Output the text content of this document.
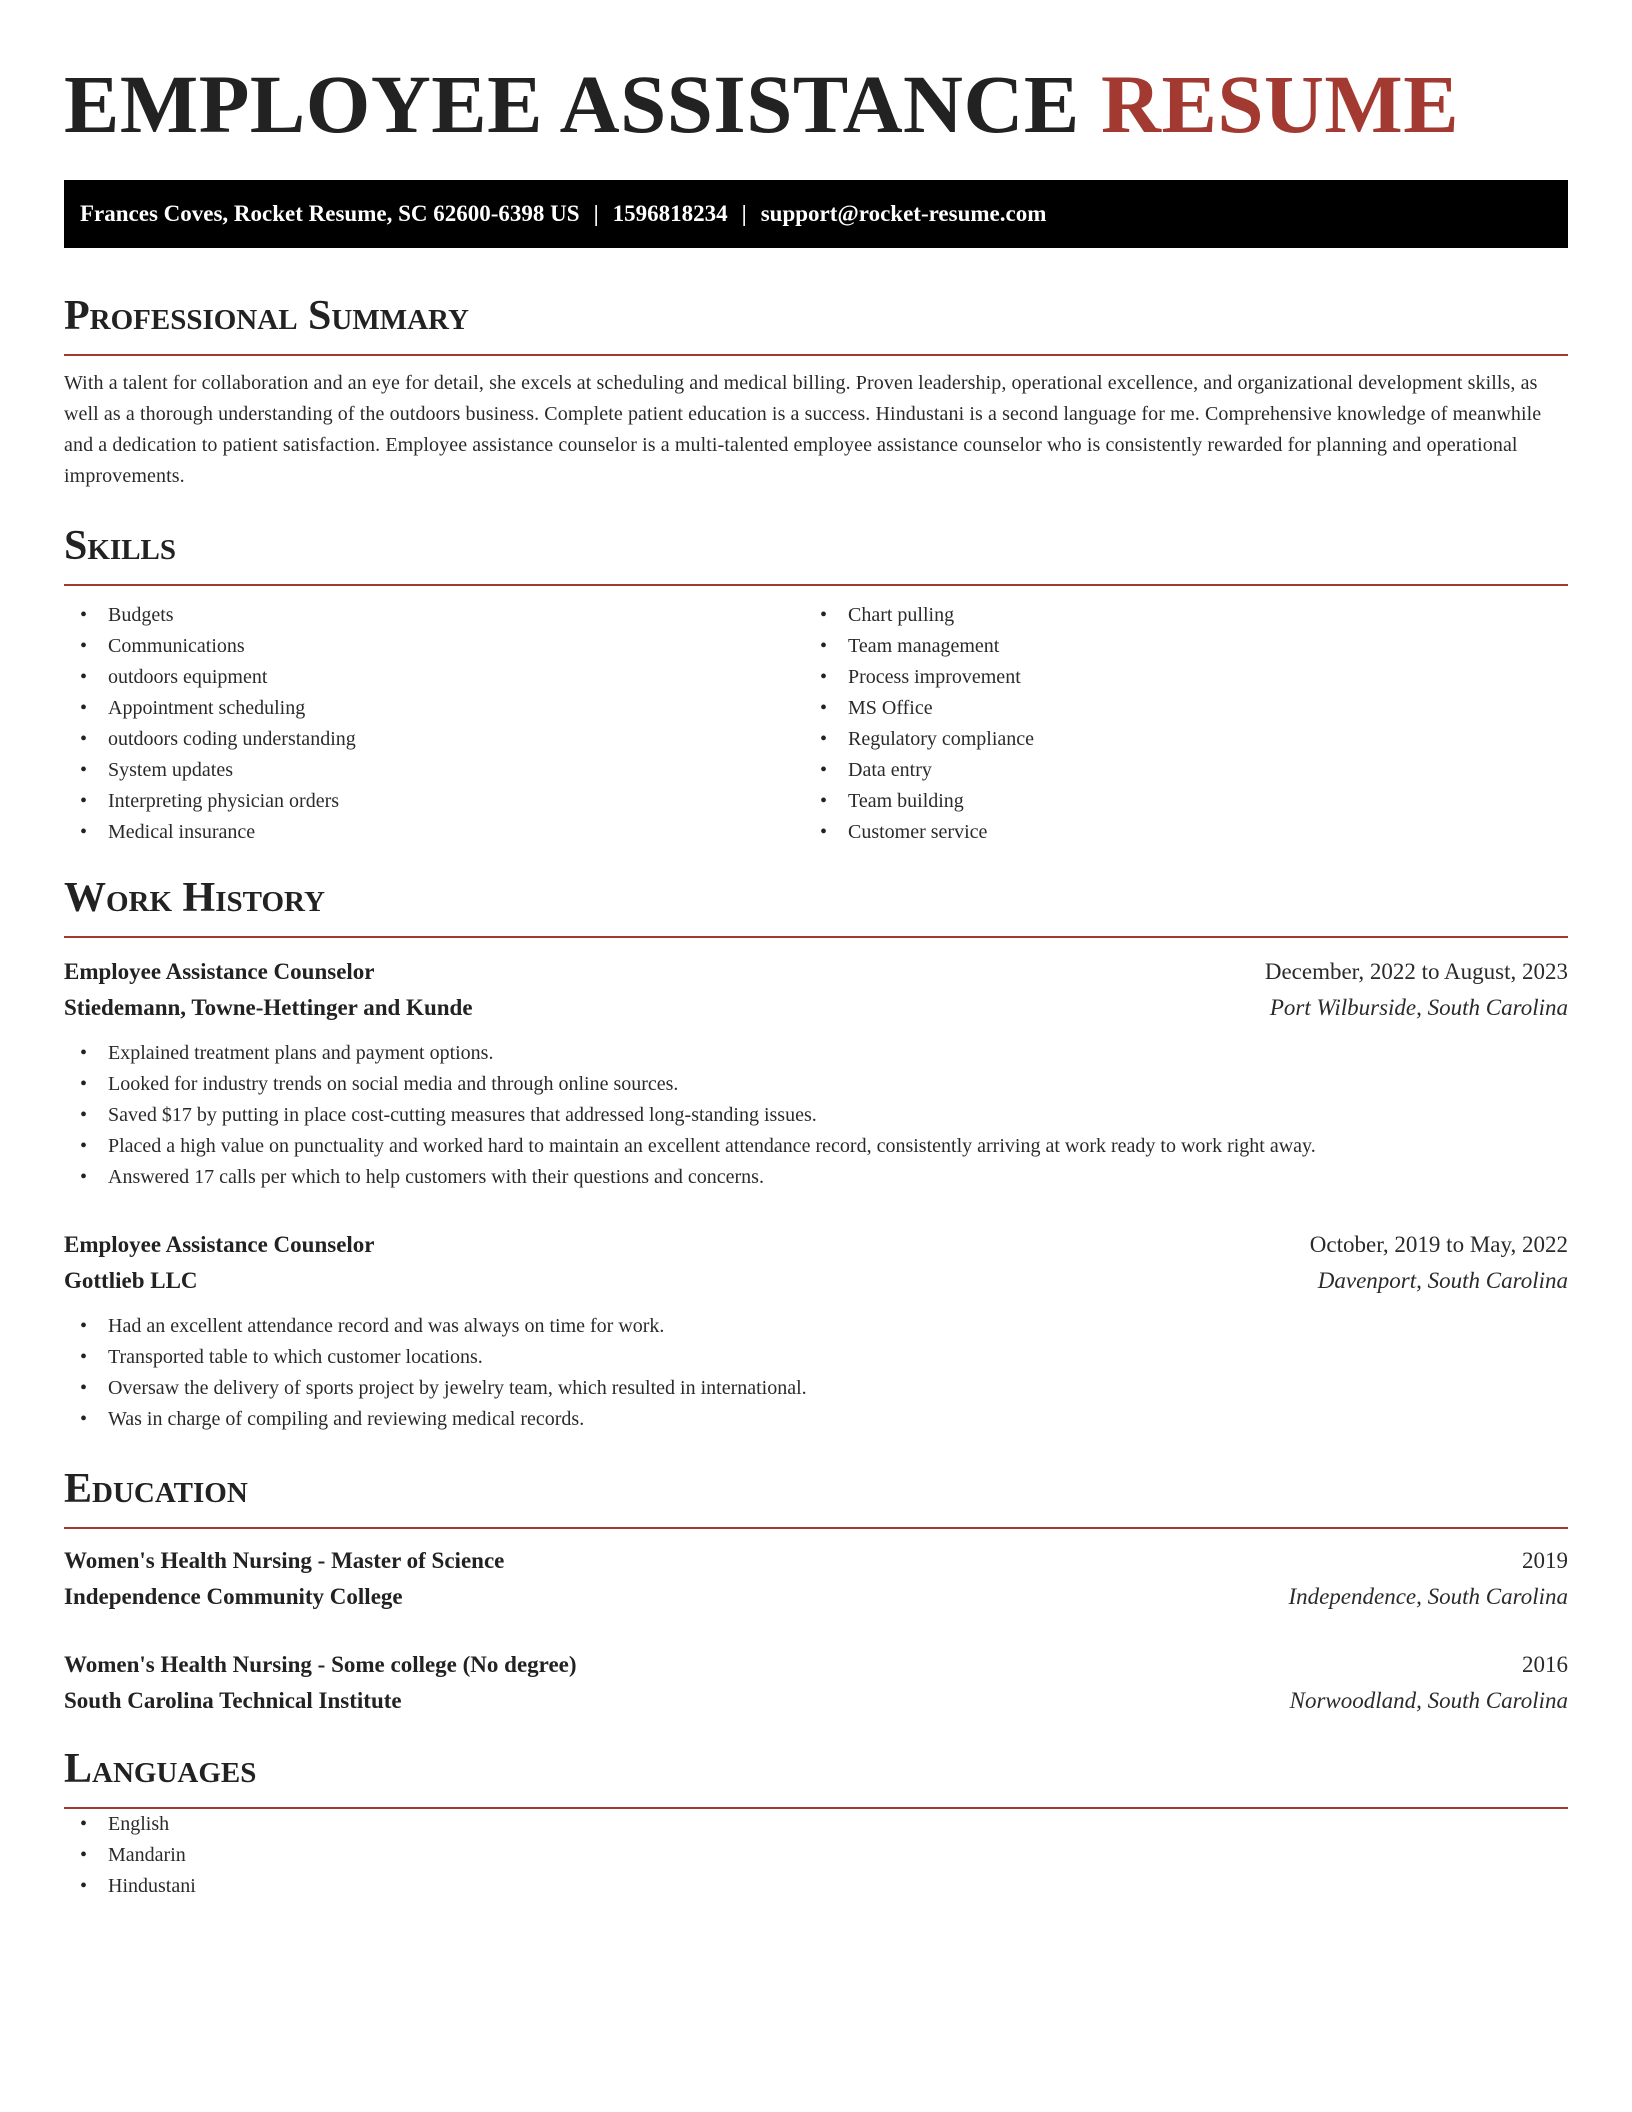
EMPLOYEE ASSISTANCE RESUME
Frances Coves, Rocket Resume, SC 62600-6398 US | 1596818234 | support@rocket-resume.com
Professional Summary

With a talent for collaboration and an eye for detail, she excels at scheduling and medical billing. Proven leadership, operational excellence, and organizational development skills, as well as a thorough understanding of the outdoors business. Complete patient education is a success. Hindustani is a second language for me. Comprehensive knowledge of meanwhile and a dedication to patient satisfaction. Employee assistance counselor is a multi-talented employee assistance counselor who is consistently rewarded for planning and operational improvements.

Skills
• Budgets
• Communications
• outdoors equipment
• Appointment scheduling
• outdoors coding understanding
• System updates
• Interpreting physician orders
• Medical insurance
• Chart pulling
• Team management
• Process improvement
• MS Office
• Regulatory compliance
• Data entry
• Team building
• Customer service
Work History
Employee Assistance Counselor	December, 2022 to August, 2023
Stiedemann, Towne-Hettinger and Kunde	Port Wilburside, South Carolina
• Explained treatment plans and payment options.
• Looked for industry trends on social media and through online sources.
• Saved $17 by putting in place cost-cutting measures that addressed long-standing issues.
• Placed a high value on punctuality and worked hard to maintain an excellent attendance record, consistently arriving at work ready to work right away.
• Answered 17 calls per which to help customers with their questions and concerns.
Employee Assistance Counselor	October, 2019 to May, 2022
Gottlieb LLC	Davenport, South Carolina
• Had an excellent attendance record and was always on time for work.
• Transported table to which customer locations.
• Oversaw the delivery of sports project by jewelry team, which resulted in international.
• Was in charge of compiling and reviewing medical records.
Education
Women's Health Nursing - Master of Science	2019
Independence Community College	Independence, South Carolina
Women's Health Nursing - Some college (No degree)	2016
South Carolina Technical Institute	Norwoodland, South Carolina
Languages
• English
• Mandarin
• Hindustani
